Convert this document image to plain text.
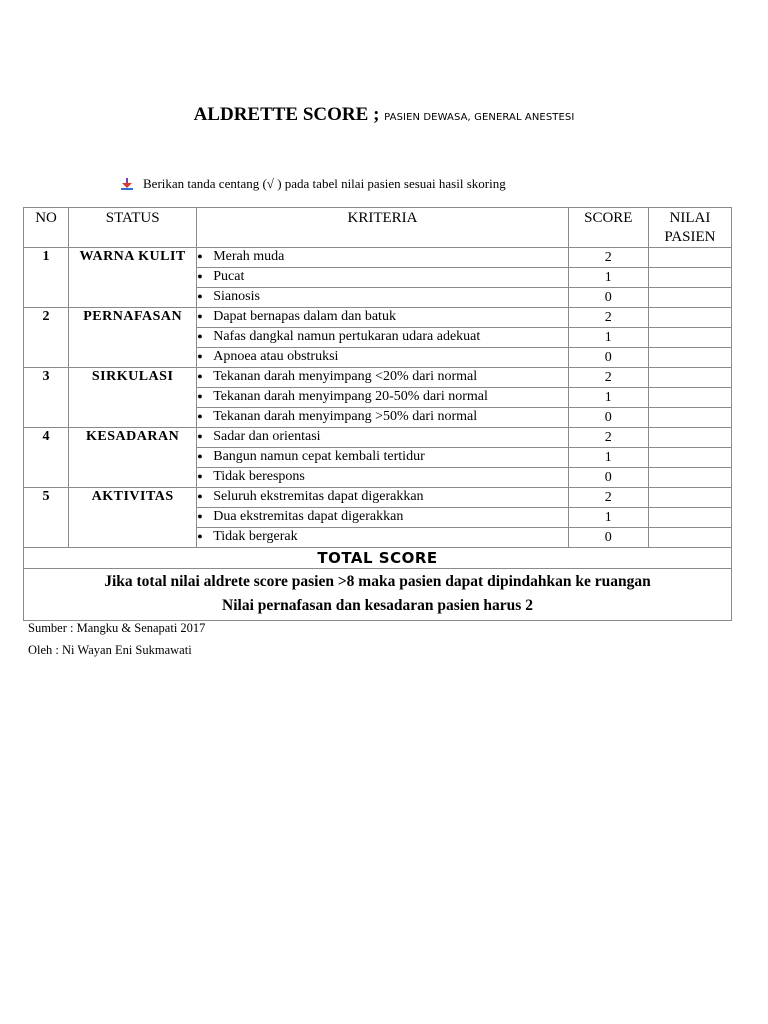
ALDRETTE SCORE ; PASIEN DEWASA, GENERAL ANESTESI
Berikan tanda centang (√ ) pada tabel nilai pasien sesuai hasil skoring
NO	STATUS	KRITERIA	SCORE	NILAI PASIEN
1	WARNA KULIT	● Merah muda	2	
		● Pucat	1	
		● Sianosis	0	
2	PERNAFASAN	● Dapat bernapas dalam dan batuk	2	
		● Nafas dangkal namun pertukaran udara adekuat	1	
		● Apnoea atau obstruksi	0	
3	SIRKULASI	● Tekanan darah menyimpang <20% dari normal	2	
		● Tekanan darah menyimpang 20-50% dari normal	1	
		● Tekanan darah menyimpang >50% dari normal	0	
4	KESADARAN	● Sadar dan orientasi	2	
		● Bangun namun cepat kembali tertidur	1	
		● Tidak berespons	0	
5	AKTIVITAS	● Seluruh ekstremitas dapat digerakkan	2	
		● Dua ekstremitas dapat digerakkan	1	
		● Tidak bergerak	0	
TOTAL SCORE				

Jika total nilai aldrete score pasien >8 maka pasien dapat dipindahkan ke ruangan
Nilai pernafasan dan kesadaran pasien harus 2				
Sumber : Mangku & Senapati 2017
Oleh : Ni Wayan Eni Sukmawati
